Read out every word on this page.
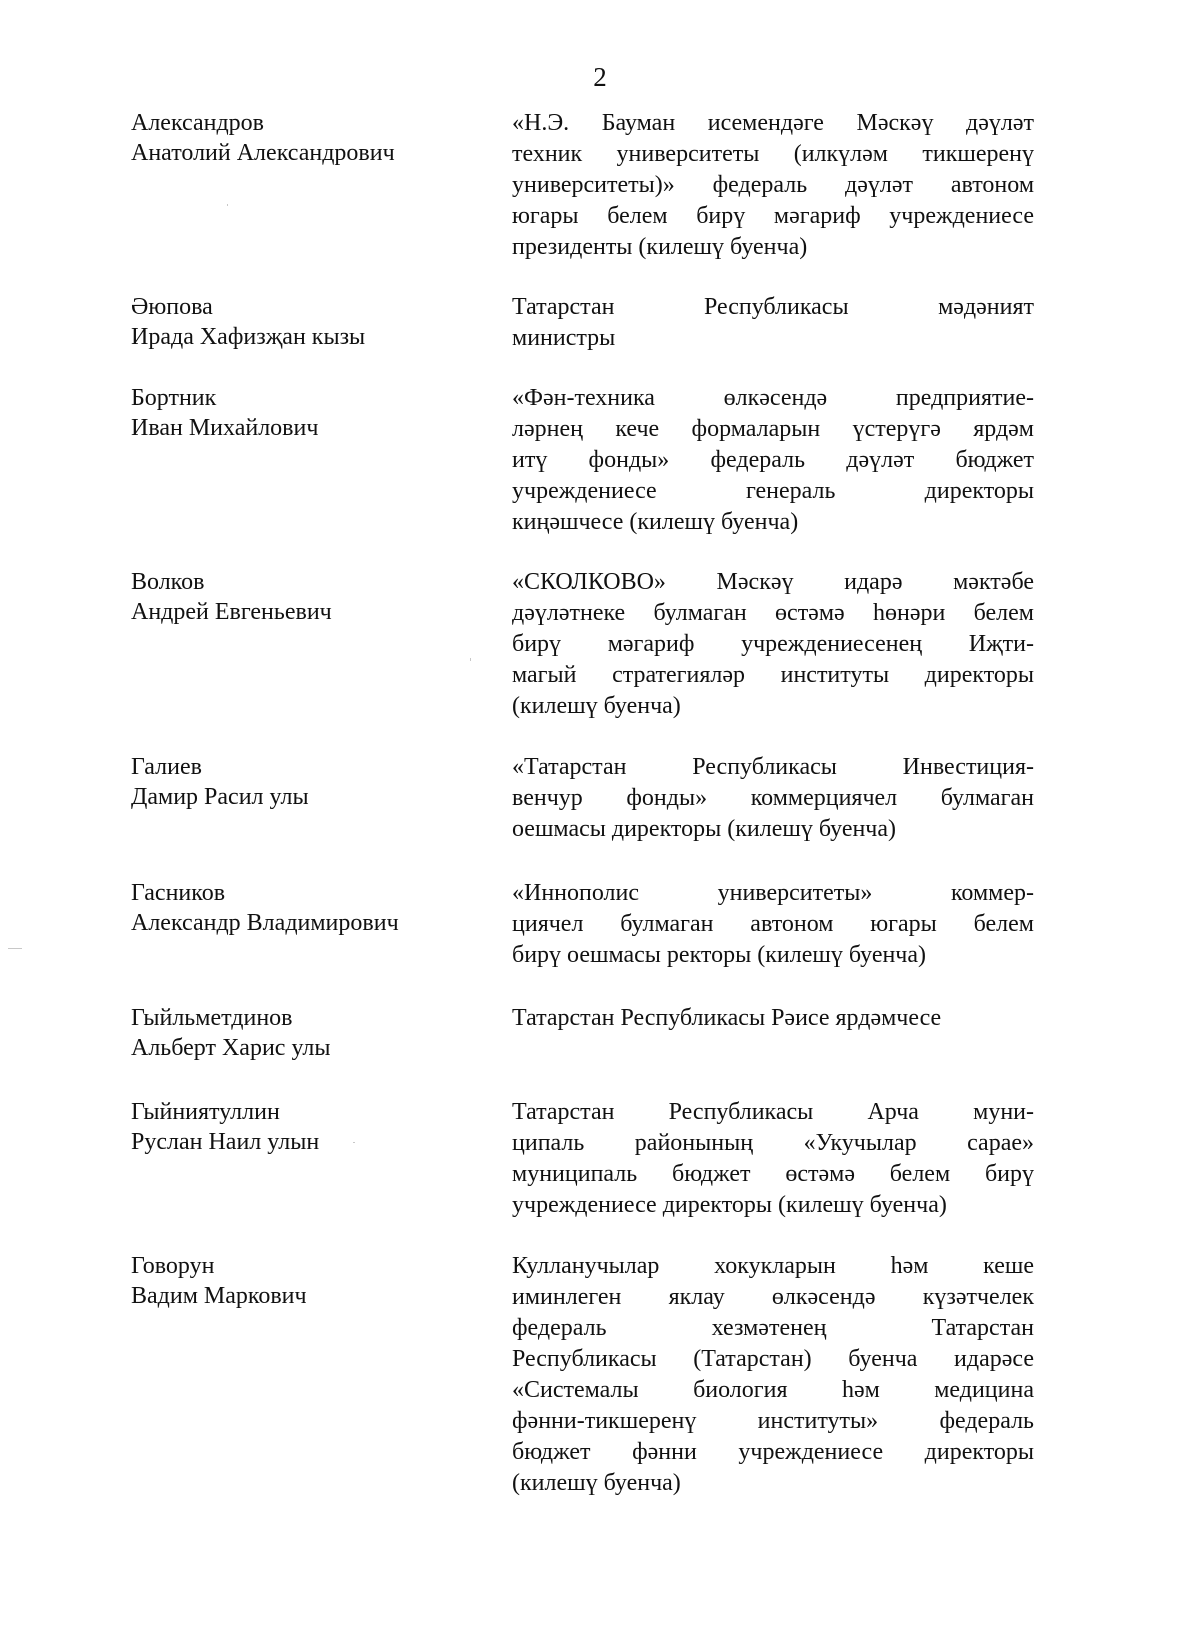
2
Александров
Анатолий Александрович
«Н.Э. Бауман исемендәге Мәскәү дәүләт
техник университеты (илкүләм тикшеренү
университеты)» федераль дәүләт автоном
югары белем бирү мәгариф учреждениесе
президенты (килешү буенча)
Әюпова
Ирада Хафизҗан кызы
Татарстан Республикасы мәдәният
министры
Бортник
Иван Михайлович
«Фән-техника өлкәсендә предприятие-
ләрнең кече формаларын үстерүгә ярдәм
итү фонды» федераль дәүләт бюджет
учреждениесе генераль директоры
киңәшчесе (килешү буенча)
Волков
Андрей Евгеньевич
«СКОЛКОВО» Мәскәү идарә мәктәбе
дәүләтнеке булмаган өстәмә һөнәри белем
бирү мәгариф учреждениесенең Иҗти-
магый стратегияләр институты директоры
(килешү буенча)
Галиев
Дамир Расил улы
«Татарстан Республикасы Инвестиция-
венчур фонды» коммерциячел булмаган
оешмасы директоры (килешү буенча)
Гасников
Александр Владимирович
«Иннополис университеты» коммер-
циячел булмаган автоном югары белем
бирү оешмасы ректоры (килешү буенча)
Гыйльметдинов
Альберт Харис улы
Татарстан Республикасы Рәисе ярдәмчесе
Гыйниятуллин
Руслан Наил улын
Татарстан Республикасы Арча муни-
ципаль районының «Укучылар сарае»
муниципаль бюджет өстәмә белем бирү
учреждениесе директоры (килешү буенча)
Говорун
Вадим Маркович
Кулланучылар хокукларын һәм кеше
иминлеген яклау өлкәсендә күзәтчелек
федераль хезмәтенең Татарстан
Республикасы (Татарстан) буенча идарәсе
«Системалы биология һәм медицина
фәнни-тикшеренү институты» федераль
бюджет фәнни учреждениесе директоры
(килешү буенча)
